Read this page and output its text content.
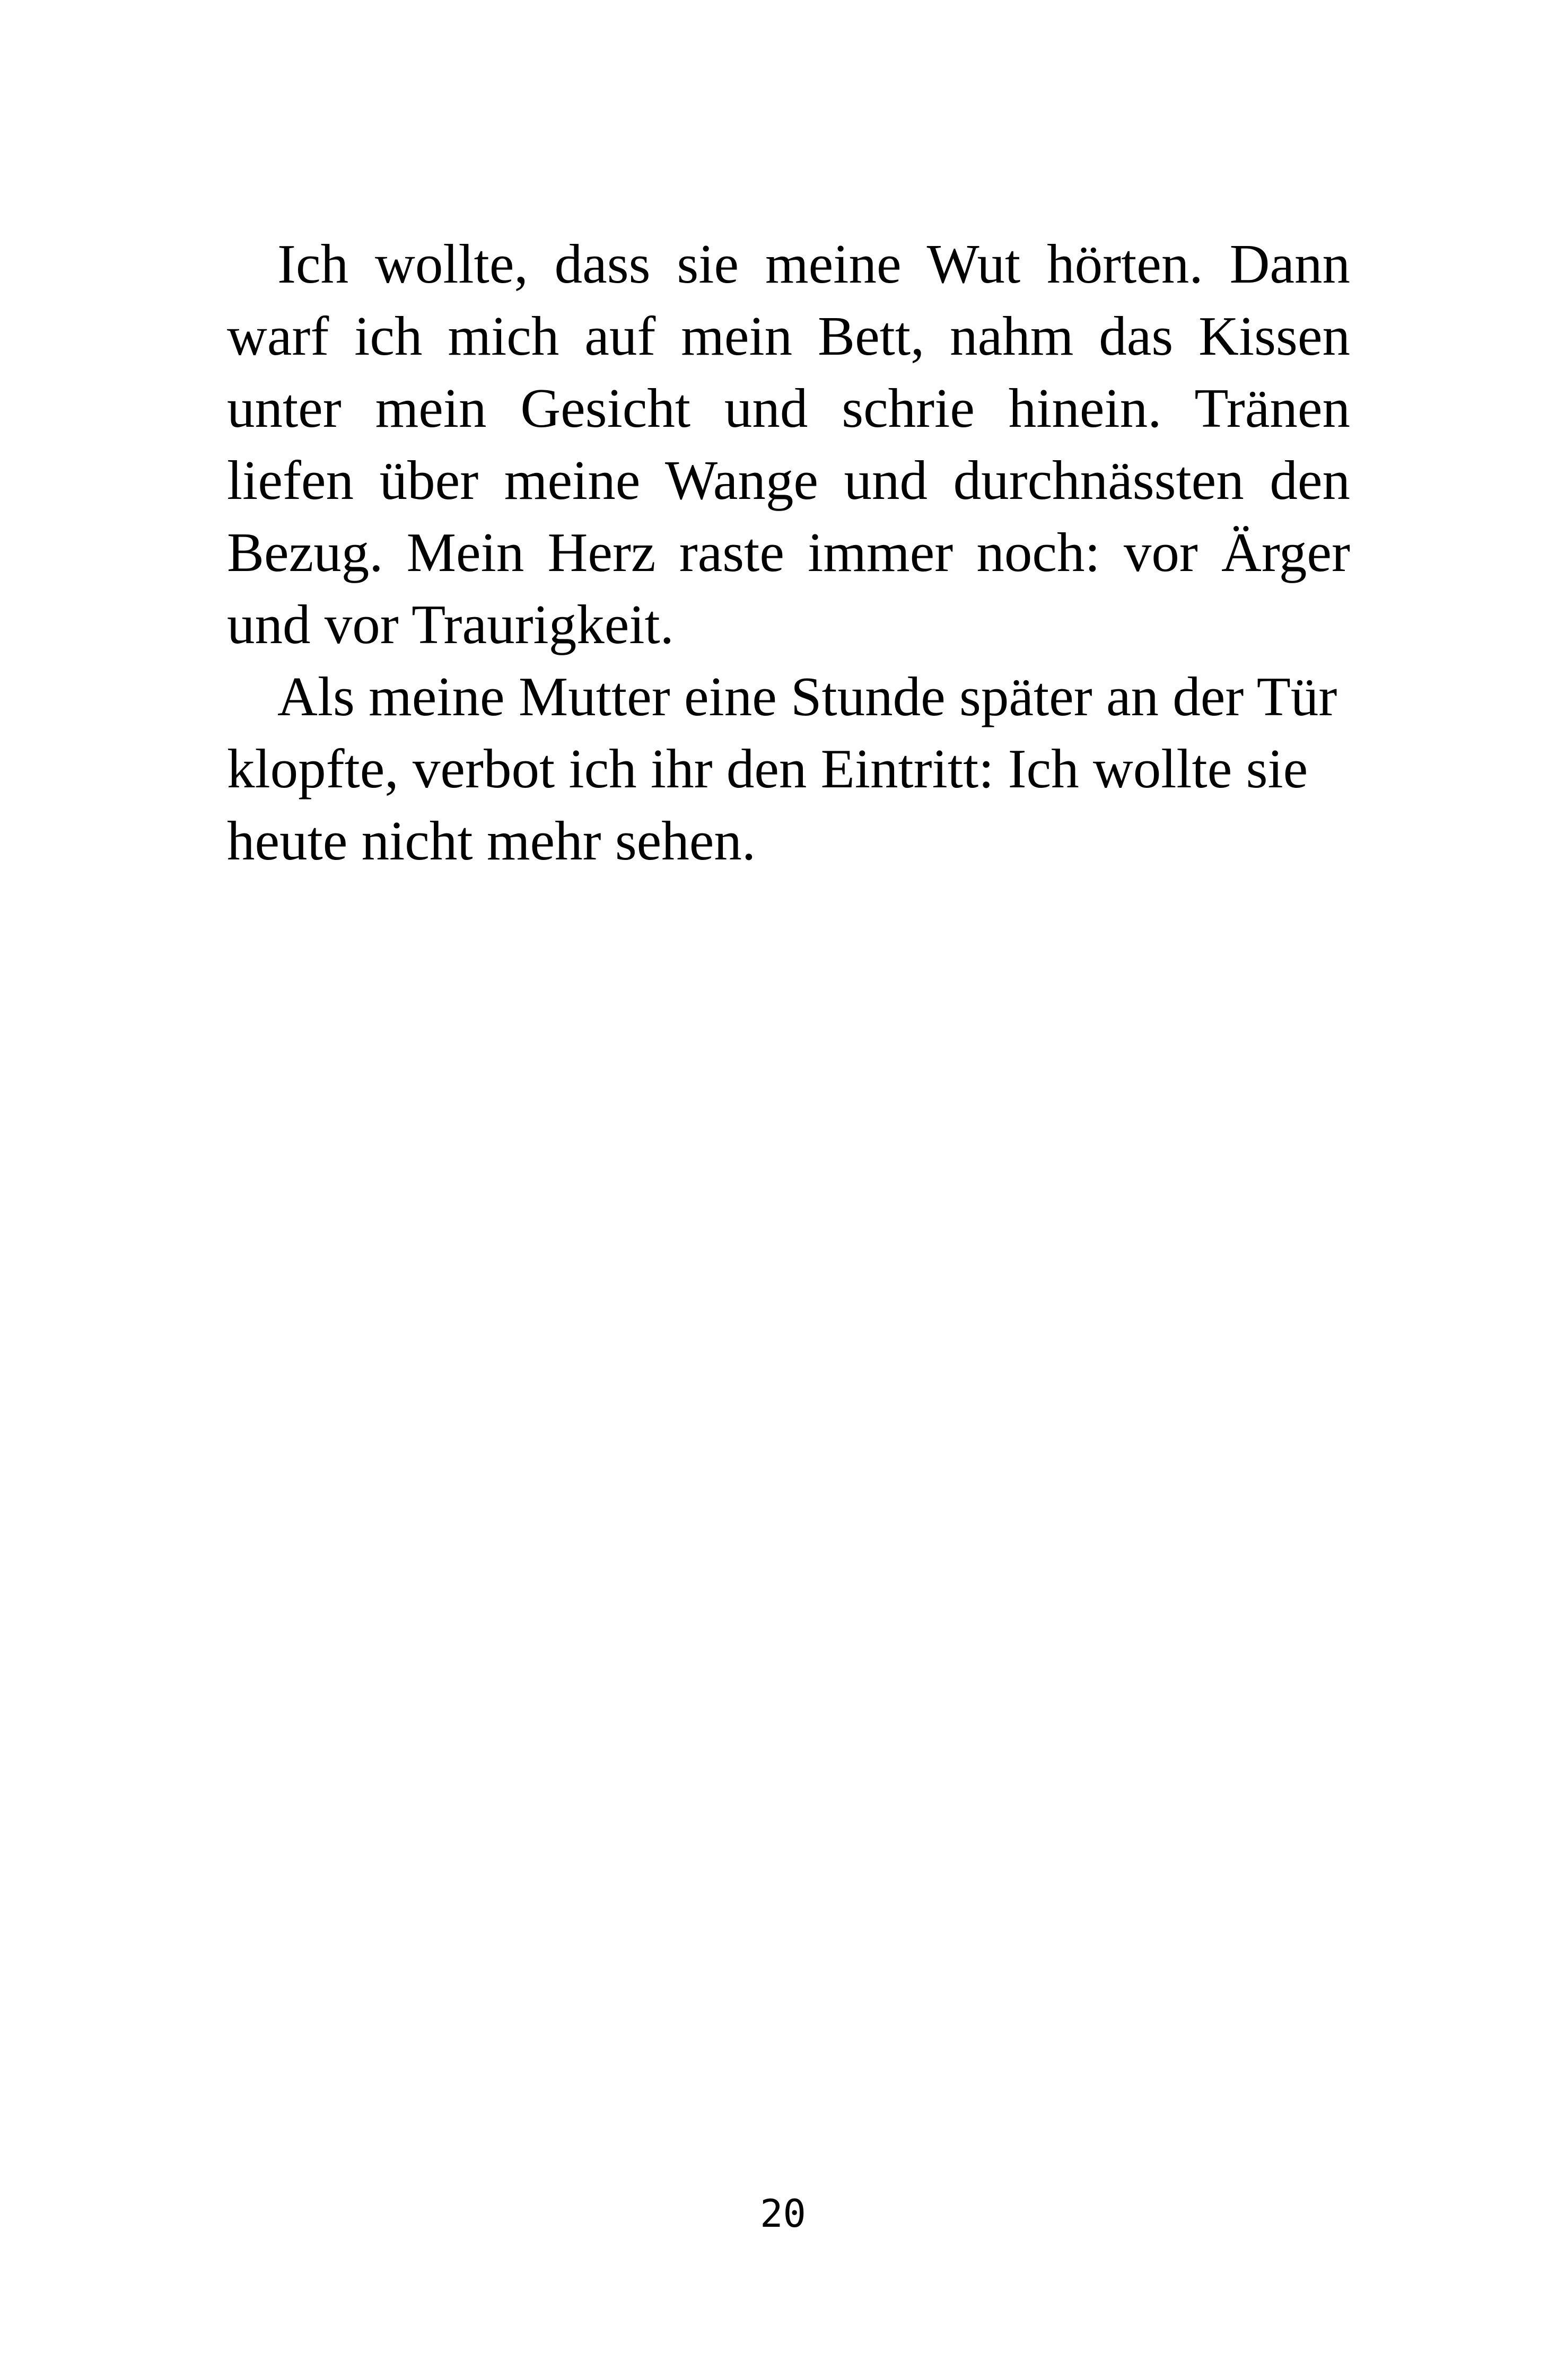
Ich wollte, dass sie meine Wut hörten. Dann warf ich mich auf mein Bett, nahm das Kissen unter mein Gesicht und schrie hinein. Tränen liefen über meine Wange und durchnässten den Bezug. Mein Herz raste immer noch: vor Ärger und vor Traurigkeit.

Als meine Mutter eine Stunde später an der Tür klopfte, verbot ich ihr den Eintritt: Ich wollte sie heute nicht mehr sehen.

20
